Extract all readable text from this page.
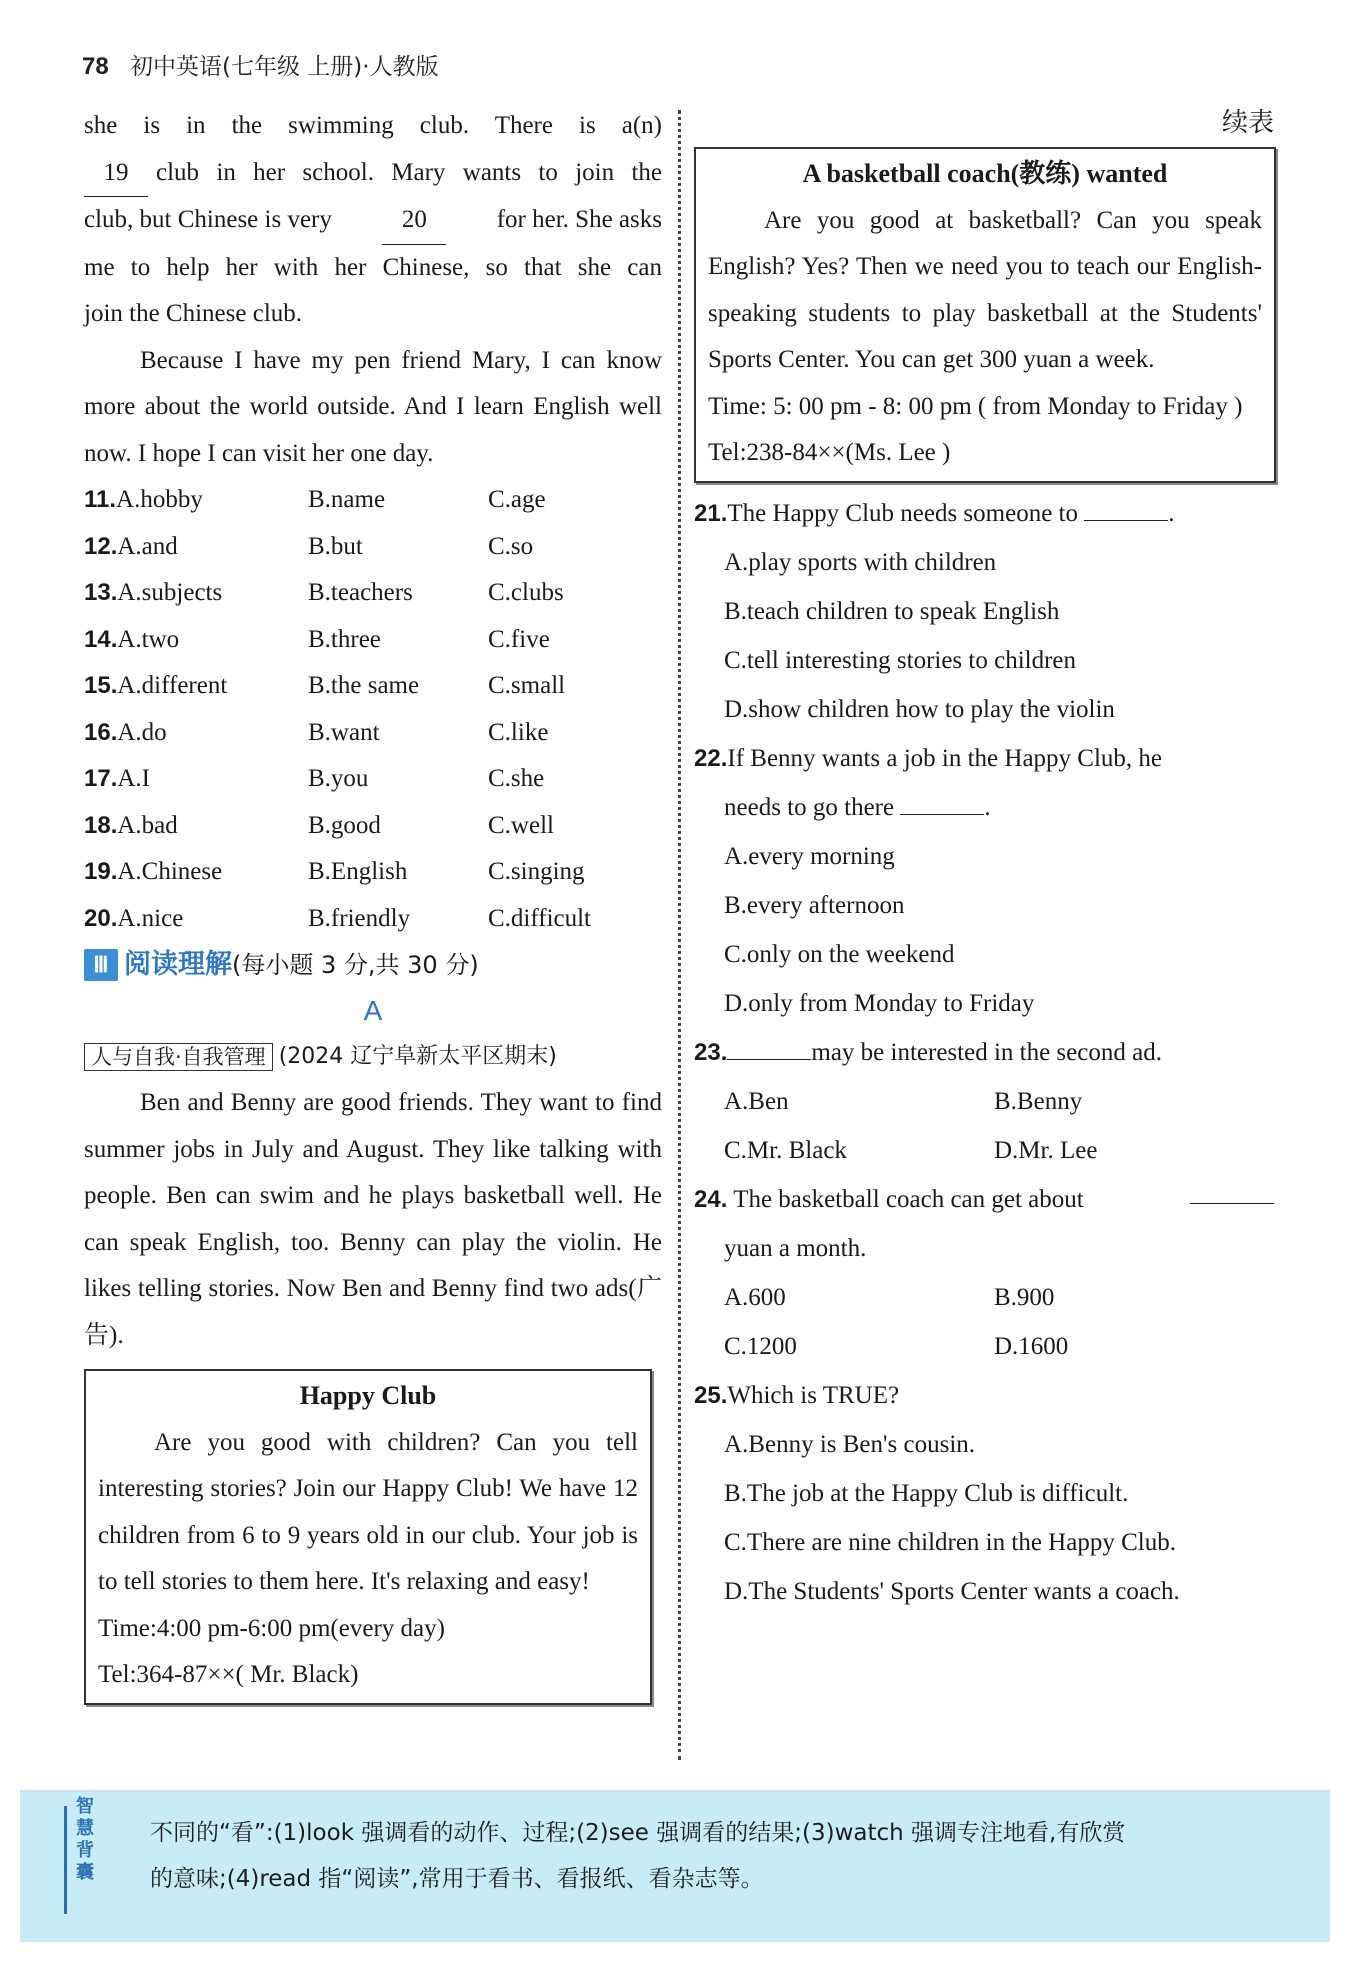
78 初中英语(七年级 上册)·人教版
she is in the swimming club. There is a(n)
19	club in her school. Mary wants to join the
club, but Chinese is very	20	for her. She asks
me to help her with her Chinese, so that she can
join the Chinese club.
Because I have my pen friend Mary, I can know more about the world outside. And I learn English well now. I hope I can visit her one day.
11.A.hobby	B.name	C.age
12.A.and	B.but	C.so
13.A.subjects	B.teachers	C.clubs
14.A.two	B.three	C.five
15.A.different	B.the same	C.small
16.A.do	B.want	C.like
17.A.I	B.you	C.she
18.A.bad	B.good	C.well
19.A.Chinese	B.English	C.singing
20.A.nice	B.friendly	C.difficult
Ⅲ 阅读理解 (每小题 3 分,共 30 分)
A
人与自我·自我管理 (2024 辽宁阜新太平区期末)
Ben and Benny are good friends. They want to find summer jobs in July and August. They like talking with people. Ben can swim and he plays basketball well. He can speak English, too. Benny can play the violin. He likes telling stories. Now Ben and Benny find two ads(广告).
Happy Club
Are you good with children? Can you tell interesting stories? Join our Happy Club! We have 12 children from 6 to 9 years old in our club. Your job is to tell stories to them here. It's relaxing and easy!
Time:4:00 pm-6:00 pm(every day)
Tel:364-87××( Mr. Black)
续表
A basketball coach(教练) wanted
Are you good at basketball? Can you speak English? Yes? Then we need you to teach our English-speaking students to play basketball at the Students' Sports Center. You can get 300 yuan a week.
Time: 5: 00 pm - 8: 00 pm ( from Monday to Friday )
Tel:238-84××(Ms. Lee )
21.The Happy Club needs someone to	.
A.play sports with children
B.teach children to speak English
C.tell interesting stories to children
D.show children how to play the violin
22.If Benny wants a job in the Happy Club, he
needs to go there	.
A.every morning
B.every afternoon
C.only on the weekend
D.only from Monday to Friday
23.	may be interested in the second ad.
A.Ben	B.Benny
C.Mr. Black	D.Mr. Lee
24. The basketball coach can get about
yuan a month.
A.600	B.900
C.1200	D.1600
25.Which is TRUE?
A.Benny is Ben's cousin.
B.The job at the Happy Club is difficult.
C.There are nine children in the Happy Club.
D.The Students' Sports Center wants a coach.
智慧背囊
不同的“看”:(1)look 强调看的动作、过程;(2)see 强调看的结果;(3)watch 强调专注地看,有欣赏
的意味;(4)read 指“阅读”,常用于看书、看报纸、看杂志等。
